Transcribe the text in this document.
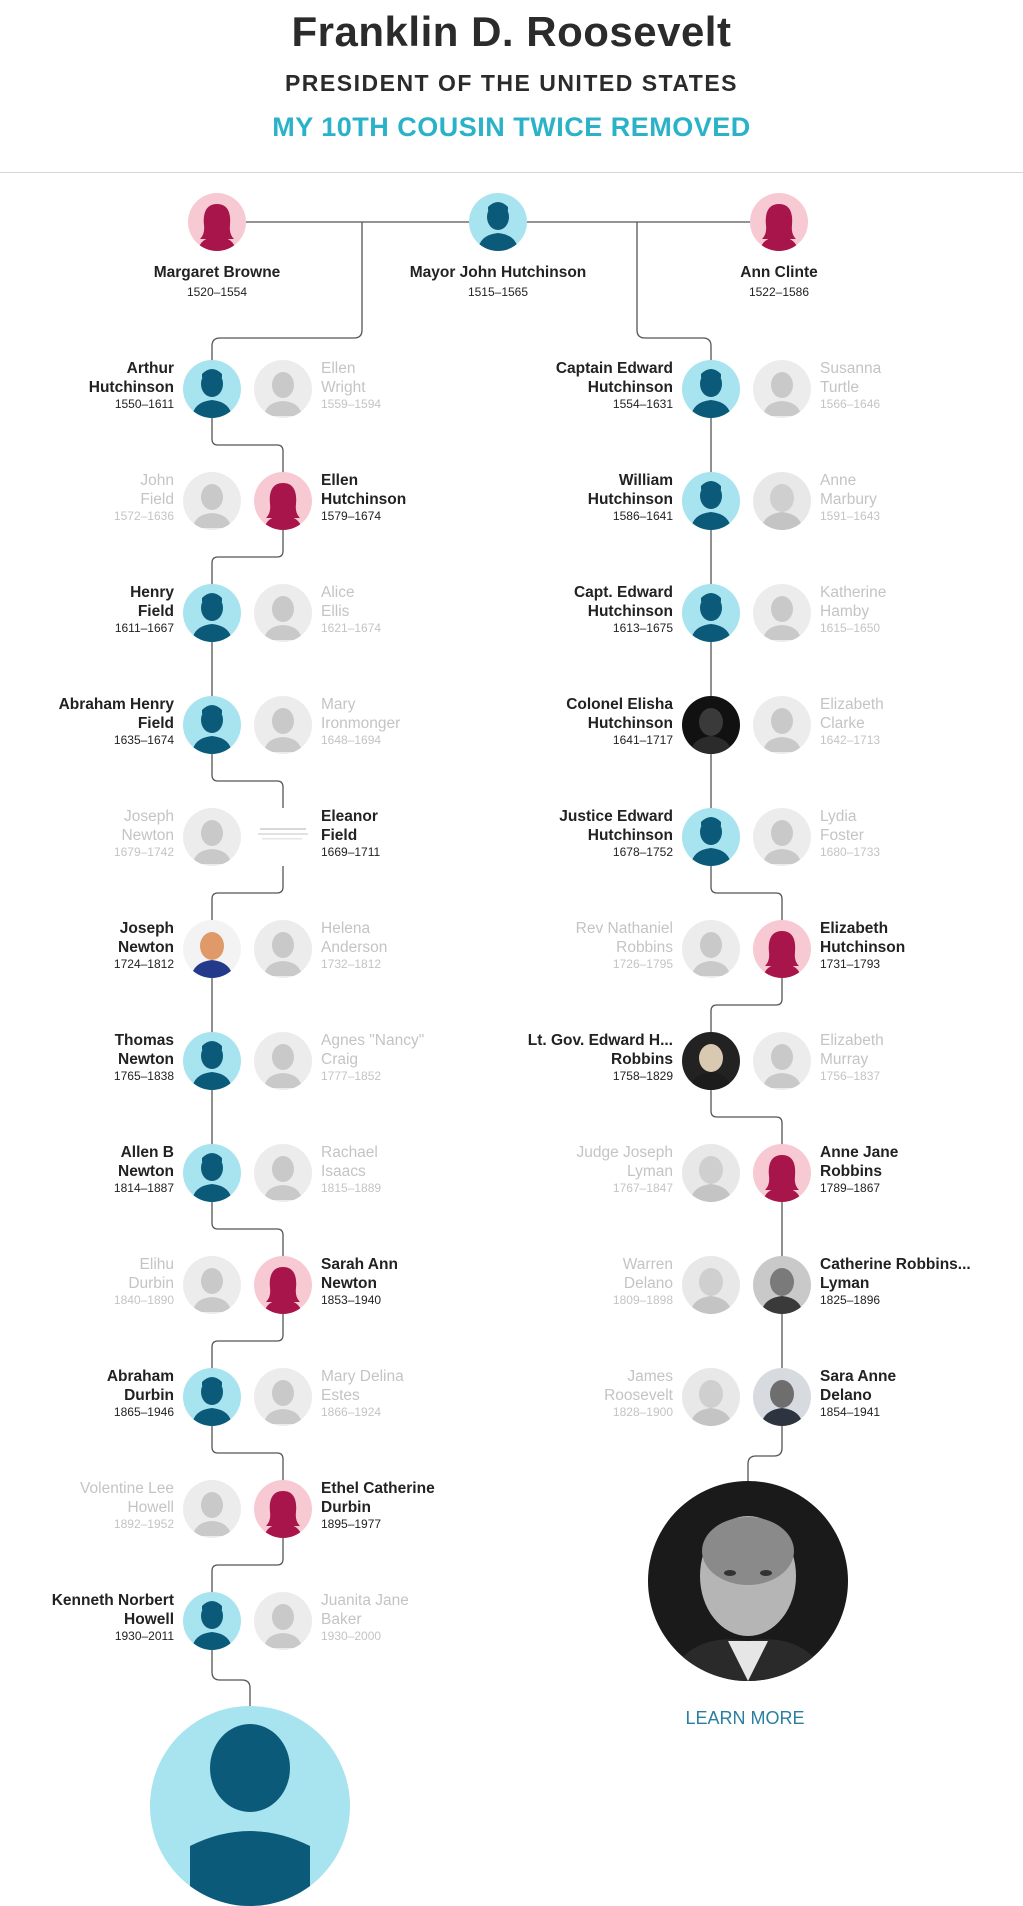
Franklin D. Roosevelt
PRESIDENT OF THE UNITED STATES
MY 10TH COUSIN TWICE REMOVED
Margaret Browne
1520–1554
Mayor John Hutchinson
1515–1565
Ann Clinte
1522–1586
Arthur
Hutchinson
1550–1611
Ellen
Wright
1559–1594
Ellen
Hutchinson
1579–1674
John
Field
1572–1636
Henry
Field
1611–1667
Alice
Ellis
1621–1674
Abraham Henry
Field
1635–1674
Mary
Ironmonger
1648–1694
Eleanor
Field
1669–1711
Joseph
Newton
1679–1742
Joseph
Newton
1724–1812
Helena
Anderson
1732–1812
Thomas
Newton
1765–1838
Agnes "Nancy"
Craig
1777–1852
Allen B
Newton
1814–1887
Rachael
Isaacs
1815–1889
Sarah Ann
Newton
1853–1940
Elihu
Durbin
1840–1890
Abraham
Durbin
1865–1946
Mary Delina
Estes
1866–1924
Ethel Catherine
Durbin
1895–1977
Volentine Lee
Howell
1892–1952
Kenneth Norbert
Howell
1930–2011
Juanita Jane
Baker
1930–2000
Captain Edward
Hutchinson
1554–1631
Susanna
Turtle
1566–1646
William
Hutchinson
1586–1641
Anne
Marbury
1591–1643
Capt. Edward
Hutchinson
1613–1675
Katherine
Hamby
1615–1650
Colonel Elisha
Hutchinson
1641–1717
Elizabeth
Clarke
1642–1713
Justice Edward
Hutchinson
1678–1752
Lydia
Foster
1680–1733
Elizabeth
Hutchinson
1731–1793
Rev Nathaniel
Robbins
1726–1795
Lt. Gov. Edward H...
Robbins
1758–1829
Elizabeth
Murray
1756–1837
Anne Jane
Robbins
1789–1867
Judge Joseph
Lyman
1767–1847
Catherine Robbins...
Lyman
1825–1896
Warren
Delano
1809–1898
Sara Anne
Delano
1854–1941
James
Roosevelt
1828–1900
LEARN MORE
